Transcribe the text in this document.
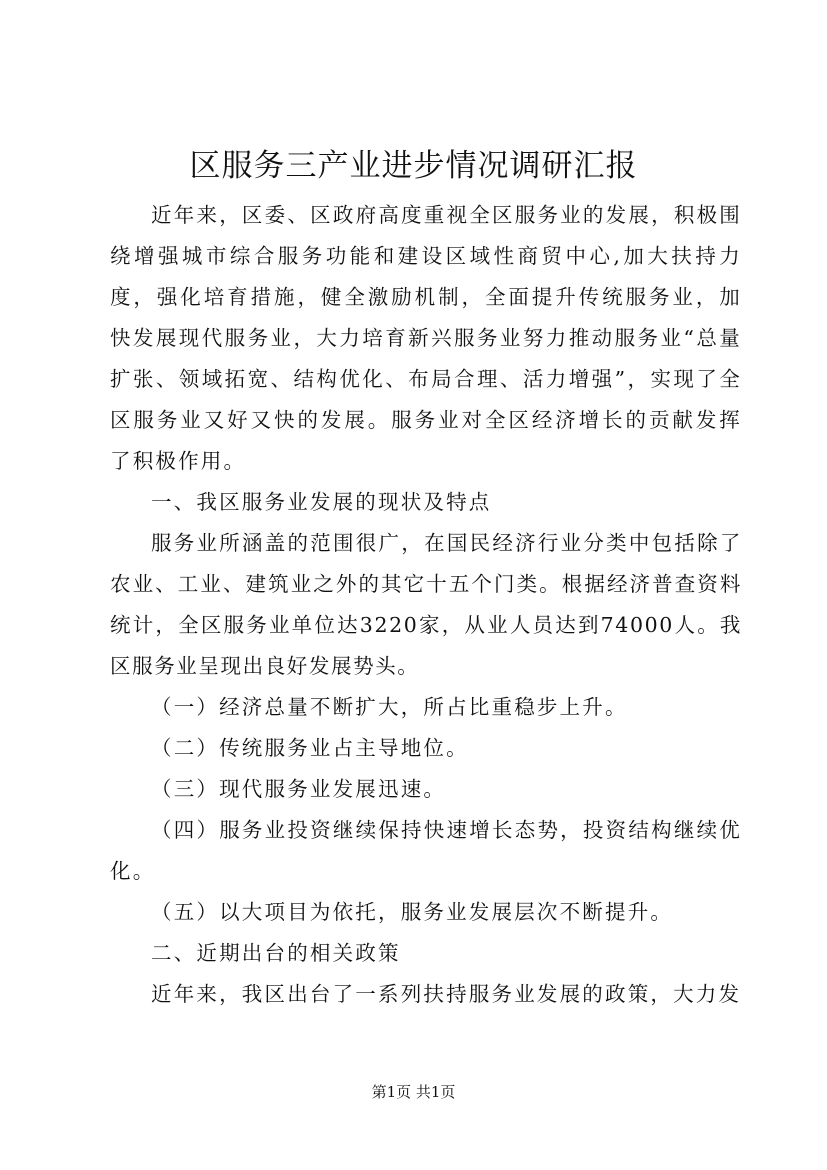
区服务三产业进步情况调研汇报

近年来，区委、区政府高度重视全区服务业的发展，积极围绕增强城市综合服务功能和建设区域性商贸中心,加大扶持力度，强化培育措施，健全激励机制，全面提升传统服务业，加快发展现代服务业，大力培育新兴服务业努力推动服务业“总量扩张、领域拓宽、结构优化、布局合理、活力增强”，实现了全区服务业又好又快的发展。服务业对全区经济增长的贡献发挥了积极作用。

一、我区服务业发展的现状及特点

服务业所涵盖的范围很广，在国民经济行业分类中包括除了农业、工业、建筑业之外的其它十五个门类。根据经济普查资料统计，全区服务业单位达3220家，从业人员达到74000人。我区服务业呈现出良好发展势头。

（一）经济总量不断扩大，所占比重稳步上升。

（二）传统服务业占主导地位。

（三）现代服务业发展迅速。

（四）服务业投资继续保持快速增长态势，投资结构继续优化。

（五）以大项目为依托，服务业发展层次不断提升。

二、近期出台的相关政策

近年来，我区出台了一系列扶持服务业发展的政策，大力发

第1页 共1页
